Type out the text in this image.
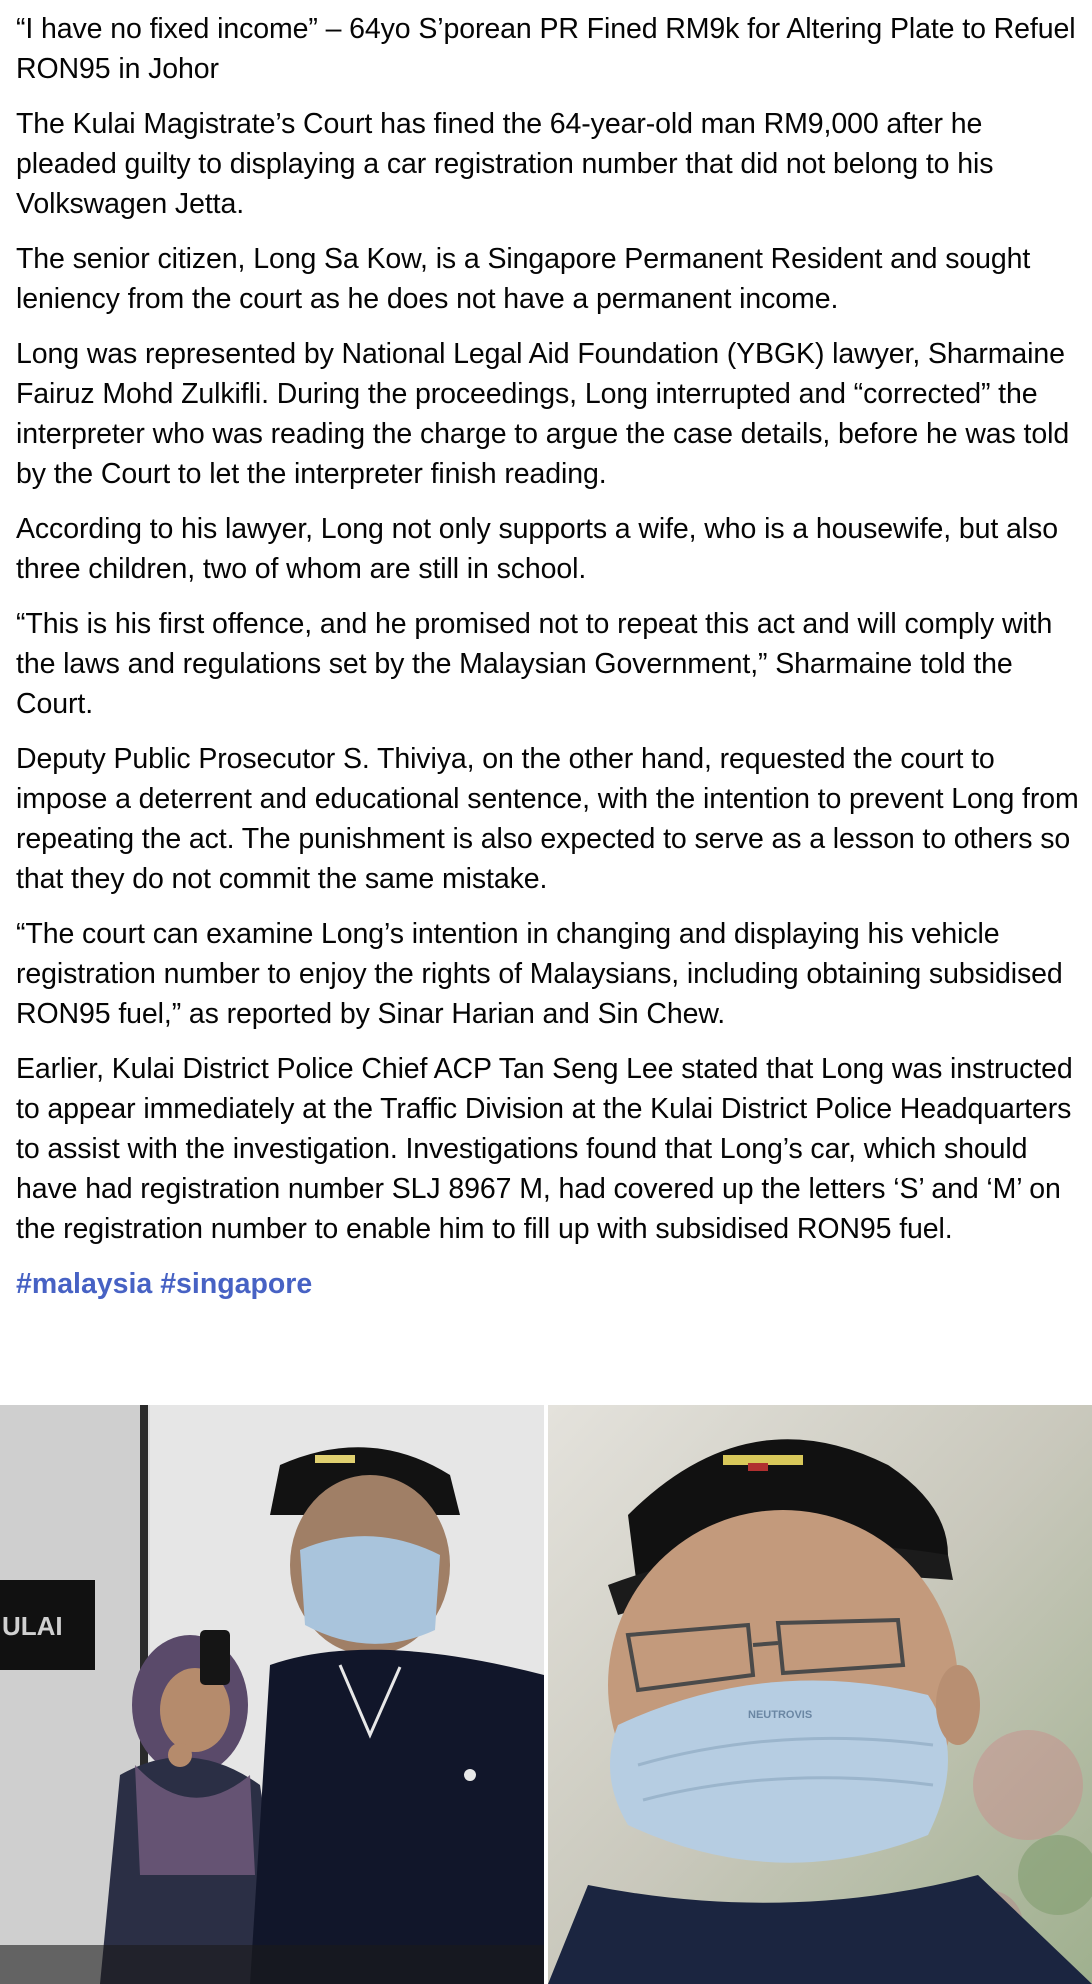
“I have no fixed income” – 64yo S’porean PR Fined RM9k for Altering Plate to Refuel RON95 in Johor

The Kulai Magistrate’s Court has fined the 64-year-old man RM9,000 after he pleaded guilty to displaying a car registration number that did not belong to his Volkswagen Jetta.

The senior citizen, Long Sa Kow, is a Singapore Permanent Resident and sought leniency from the court as he does not have a permanent income.

Long was represented by National Legal Aid Foundation (YBGK) lawyer, Sharmaine Fairuz Mohd Zulkifli. During the proceedings, Long interrupted and “corrected” the interpreter who was reading the charge to argue the case details, before he was told by the Court to let the interpreter finish reading.

According to his lawyer, Long not only supports a wife, who is a housewife, but also three children, two of whom are still in school.

“This is his first offence, and he promised not to repeat this act and will comply with the laws and regulations set by the Malaysian Government,” Sharmaine told the Court.

Deputy Public Prosecutor S. Thiviya, on the other hand, requested the court to impose a deterrent and educational sentence, with the intention to prevent Long from repeating the act. The punishment is also expected to serve as a lesson to others so that they do not commit the same mistake.

“The court can examine Long’s intention in changing and displaying his vehicle registration number to enjoy the rights of Malaysians, including obtaining subsidised RON95 fuel,” as reported by Sinar Harian and Sin Chew.

Earlier, Kulai District Police Chief ACP Tan Seng Lee stated that Long was instructed to appear immediately at the Traffic Division at the Kulai District Police Headquarters to assist with the investigation. Investigations found that Long’s car, which should have had registration number SLJ 8967 M, had covered up the letters ‘S’ and ‘M’ on the registration number to enable him to fill up with subsidised RON95 fuel.

#malaysia #singapore
ULAI
NEUTROVIS
